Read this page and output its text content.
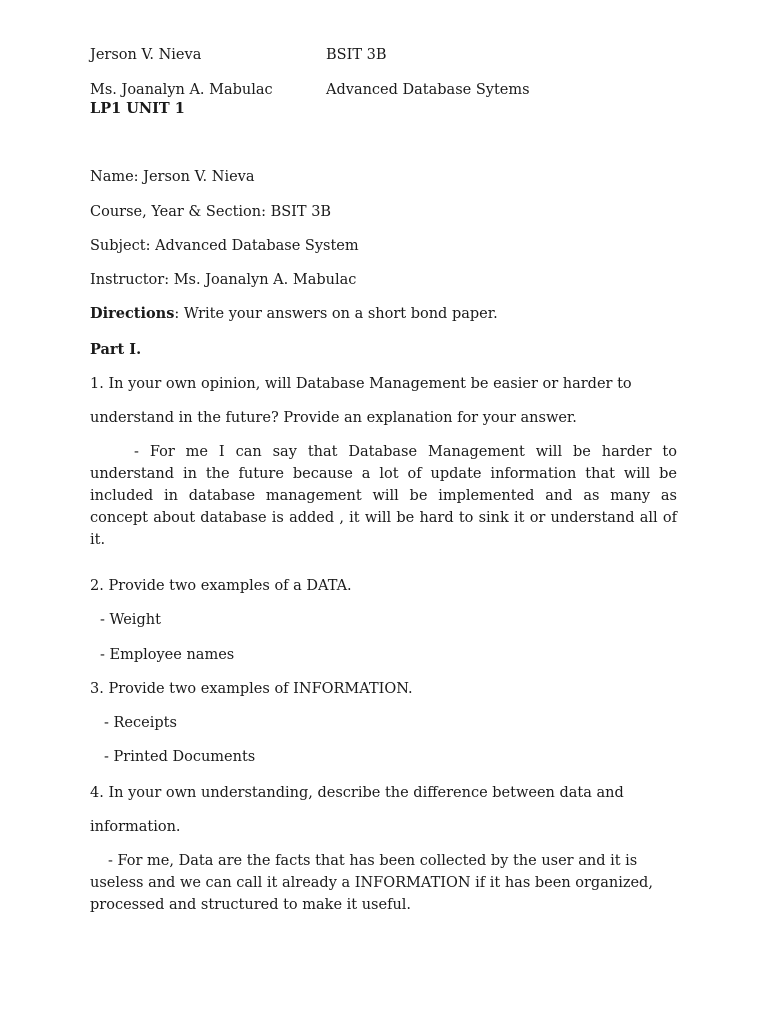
Jerson V. Nieva	BSIT 3B
Ms. Joanalyn A. Mabulac	Advanced Database Sytems
LP1 UNIT 1
Name: Jerson V. Nieva
Course, Year & Section: BSIT 3B
Subject: Advanced Database System
Instructor: Ms. Joanalyn A. Mabulac
Directions: Write your answers on a short bond paper.
Part I.
1. In your own opinion, will Database Management be easier or harder to
understand in the future? Provide an explanation for your answer.
- For me I can say that Database Management will be harder to understand in the future because a lot of update information that will be included in database management will be implemented and as many as concept about database is added , it will be hard to sink it or understand all of it.
2. Provide two examples of a DATA.
- Weight
- Employee names
3. Provide two examples of INFORMATION.
- Receipts
- Printed Documents
4. In your own understanding, describe the difference between data and
information.
- For me, Data are the facts that has been collected by the user and it is useless and we can call it already a INFORMATION if it has been organized, processed and structured to make it useful.
